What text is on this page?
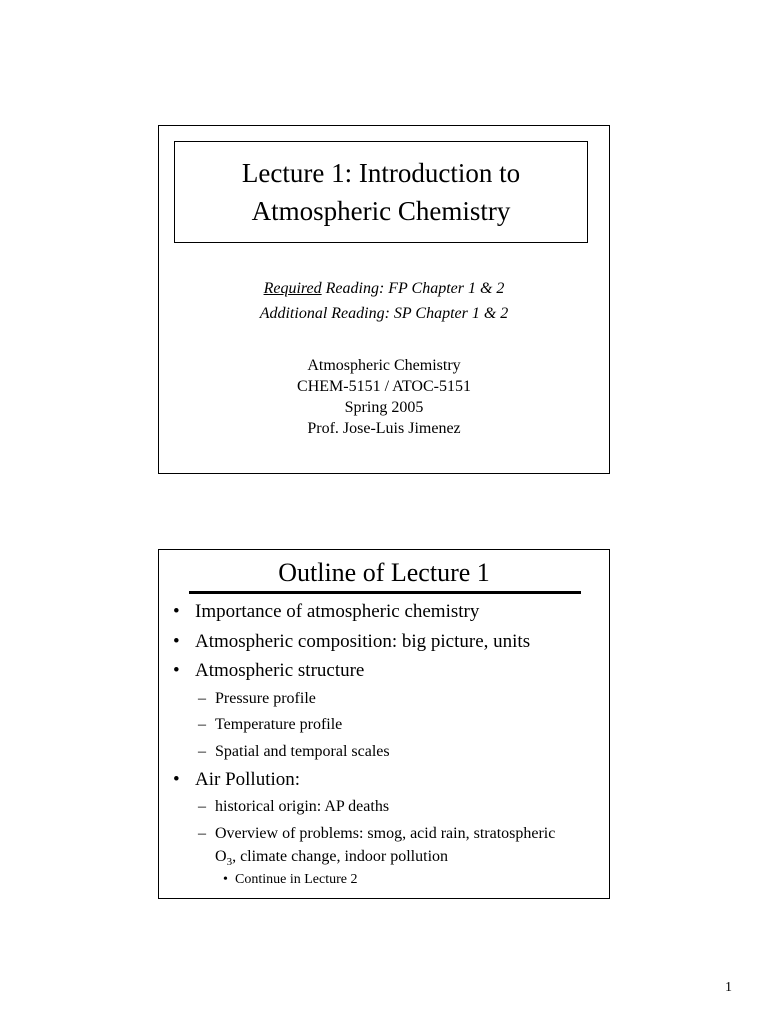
Lecture 1: Introduction to
Atmospheric Chemistry
Required Reading: FP Chapter 1 & 2
Additional Reading: SP Chapter 1 & 2
Atmospheric Chemistry
CHEM-5151 / ATOC-5151
Spring 2005
Prof. Jose-Luis Jimenez
Outline of Lecture 1
• Importance of atmospheric chemistry
• Atmospheric composition: big picture, units
• Atmospheric structure
– Pressure profile
– Temperature profile
– Spatial and temporal scales
• Air Pollution:
– historical origin: AP deaths
– Overview of problems: smog, acid rain, stratospheric
$O_3$, climate change, indoor pollution
• Continue in Lecture 2
1
